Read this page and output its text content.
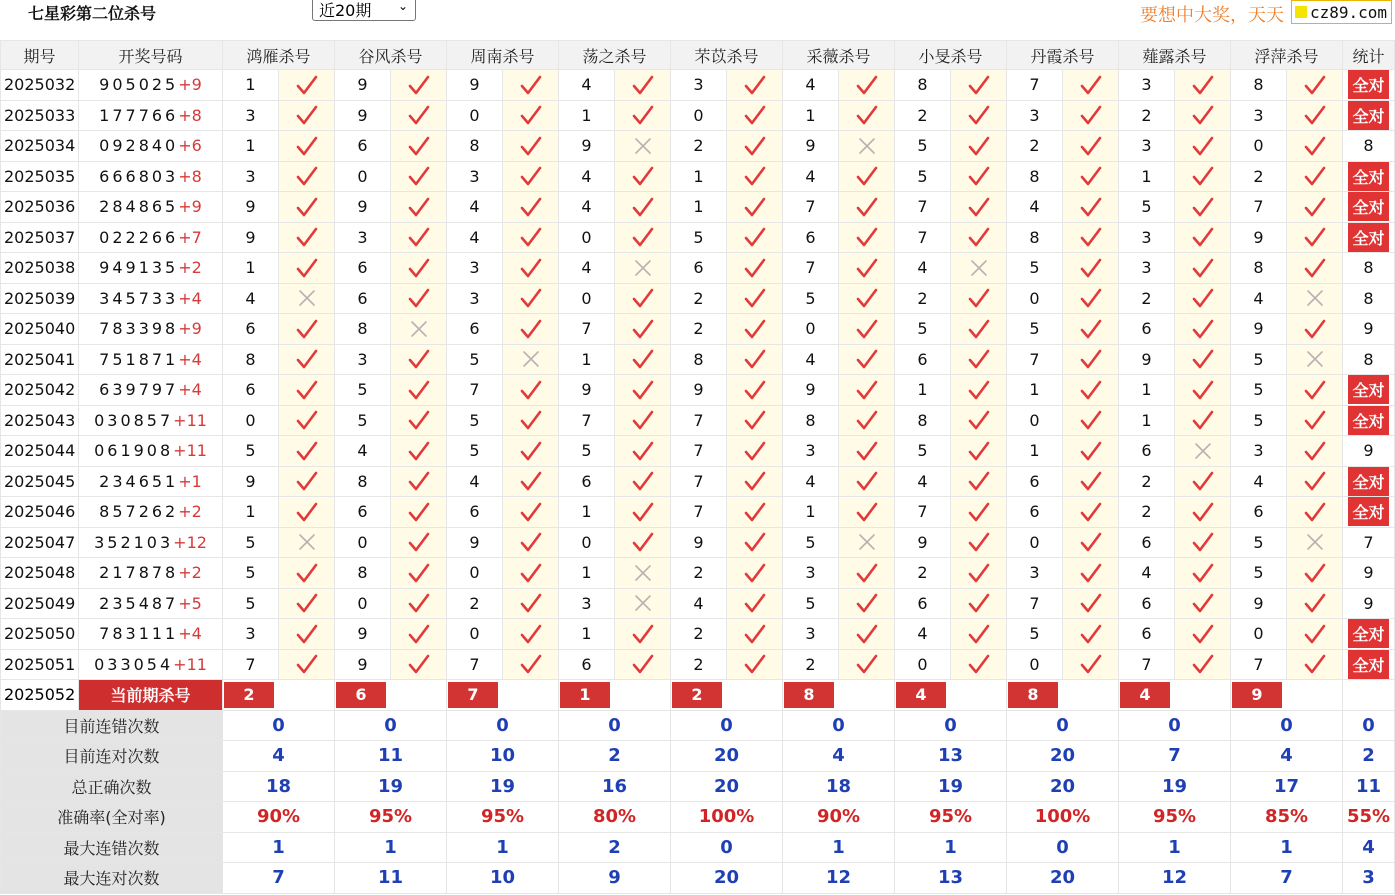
七星彩第二位杀号	近20期 ⌄	要想中大奖，天天	cz89.com
期号	开奖号码	鸿雁杀号		谷风杀号		周南杀号		荡之杀号		芣苡杀号		采薇杀号		小旻杀号		丹霞杀号		薤露杀号		浮萍杀号		统计
2025032	905025+9	1		9		9		4		3		4		8		7		3		8		全对
2025033	177766+8	3		9		0		1		0		1		2		3		2		3		全对
2025034	092840+6	1		6		8		9		2		9		5		2		3		0		8
2025035	666803+8	3		0		3		4		1		4		5		8		1		2		全对
2025036	284865+9	9		9		4		4		1		7		7		4		5		7		全对
2025037	022266+7	9		3		4		0		5		6		7		8		3		9		全对
2025038	949135+2	1		6		3		4		6		7		4		5		3		8		8
2025039	345733+4	4		6		3		0		2		5		2		0		2		4		8
2025040	783398+9	6		8		6		7		2		0		5		5		6		9		9
2025041	751871+4	8		3		5		1		8		4		6		7		9		5		8
2025042	639797+4	6		5		7		9		9		9		1		1		1		5		全对
2025043	030857+11	0		5		5		7		7		8		8		0		1		5		全对
2025044	061908+11	5		4		5		5		7		3		5		1		6		3		9
2025045	234651+1	9		8		4		6		7		4		4		6		2		4		全对
2025046	857262+2	1		6		6		1		7		1		7		6		2		6		全对
2025047	352103+12	5		0		9		0		9		5		9		0		6		5		7
2025048	217878+2	5		8		0		1		2		3		2		3		4		5		9
2025049	235487+5	5		0		2		3		4		5		6		7		6		9		9
2025050	783111+4	3		9		0		1		2		3		4		5		6		0		全对
2025051	033054+11	7		9		7		6		2		2		0		0		7		7		全对
2025052	当前期杀号	2		6		7		1		2		8		4		8		4		9		

目前连错次数		0		0		0		0		0		0		0		0		0		0		0
目前连对次数		4		11		10		2		20		4		13		20		7		4		2
总正确次数		18		19		19		16		20		18		19		20		19		17		11
准确率(全对率)		90%		95%		95%		80%		100%		90%		95%		100%		95%		85%		55%
最大连错次数		1		1		1		2		0		1		1		0		1		1		4
最大连对次数		7		11		10		9		20		12		13		20		12		7		3
